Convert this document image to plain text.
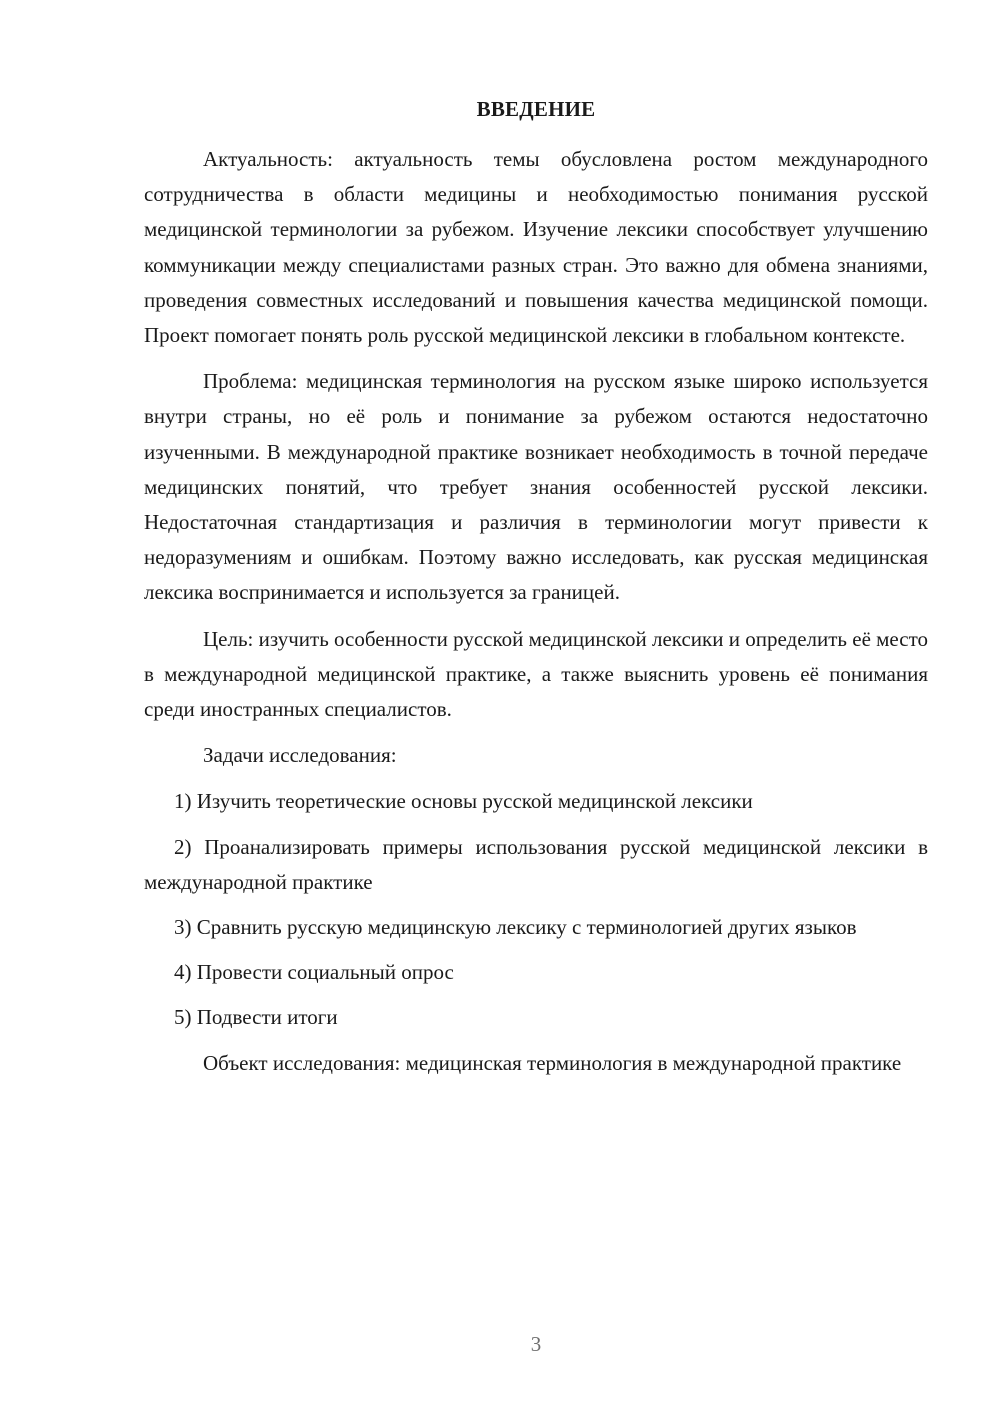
ВВЕДЕНИЕ

Актуальность: актуальность темы обусловлена ростом международного сотрудничества в области медицины и необходимостью понимания русской медицинской терминологии за рубежом. Изучение лексики способствует улучшению коммуникации между специалистами разных стран. Это важно для обмена знаниями, проведения совместных исследований и повышения качества медицинской помощи. Проект помогает понять роль русской медицинской лексики в глобальном контексте.

Проблема: медицинская терминология на русском языке широко используется внутри страны, но её роль и понимание за рубежом остаются недостаточно изученными. В международной практике возникает необходимость в точной передаче медицинских понятий, что требует знания особенностей русской лексики. Недостаточная стандартизация и различия в терминологии могут привести к недоразумениям и ошибкам. Поэтому важно исследовать, как русская медицинская лексика воспринимается и используется за границей.

Цель: изучить особенности русской медицинской лексики и определить её место в международной медицинской практике, а также выяснить уровень её понимания среди иностранных специалистов.

Задачи исследования:

1) Изучить теоретические основы русской медицинской лексики

2) Проанализировать примеры использования русской медицинской лексики в международной практике

3) Сравнить русскую медицинскую лексику с терминологией других языков

4) Провести социальный опрос

5) Подвести итоги

Объект исследования: медицинская терминология в международной практике

3
